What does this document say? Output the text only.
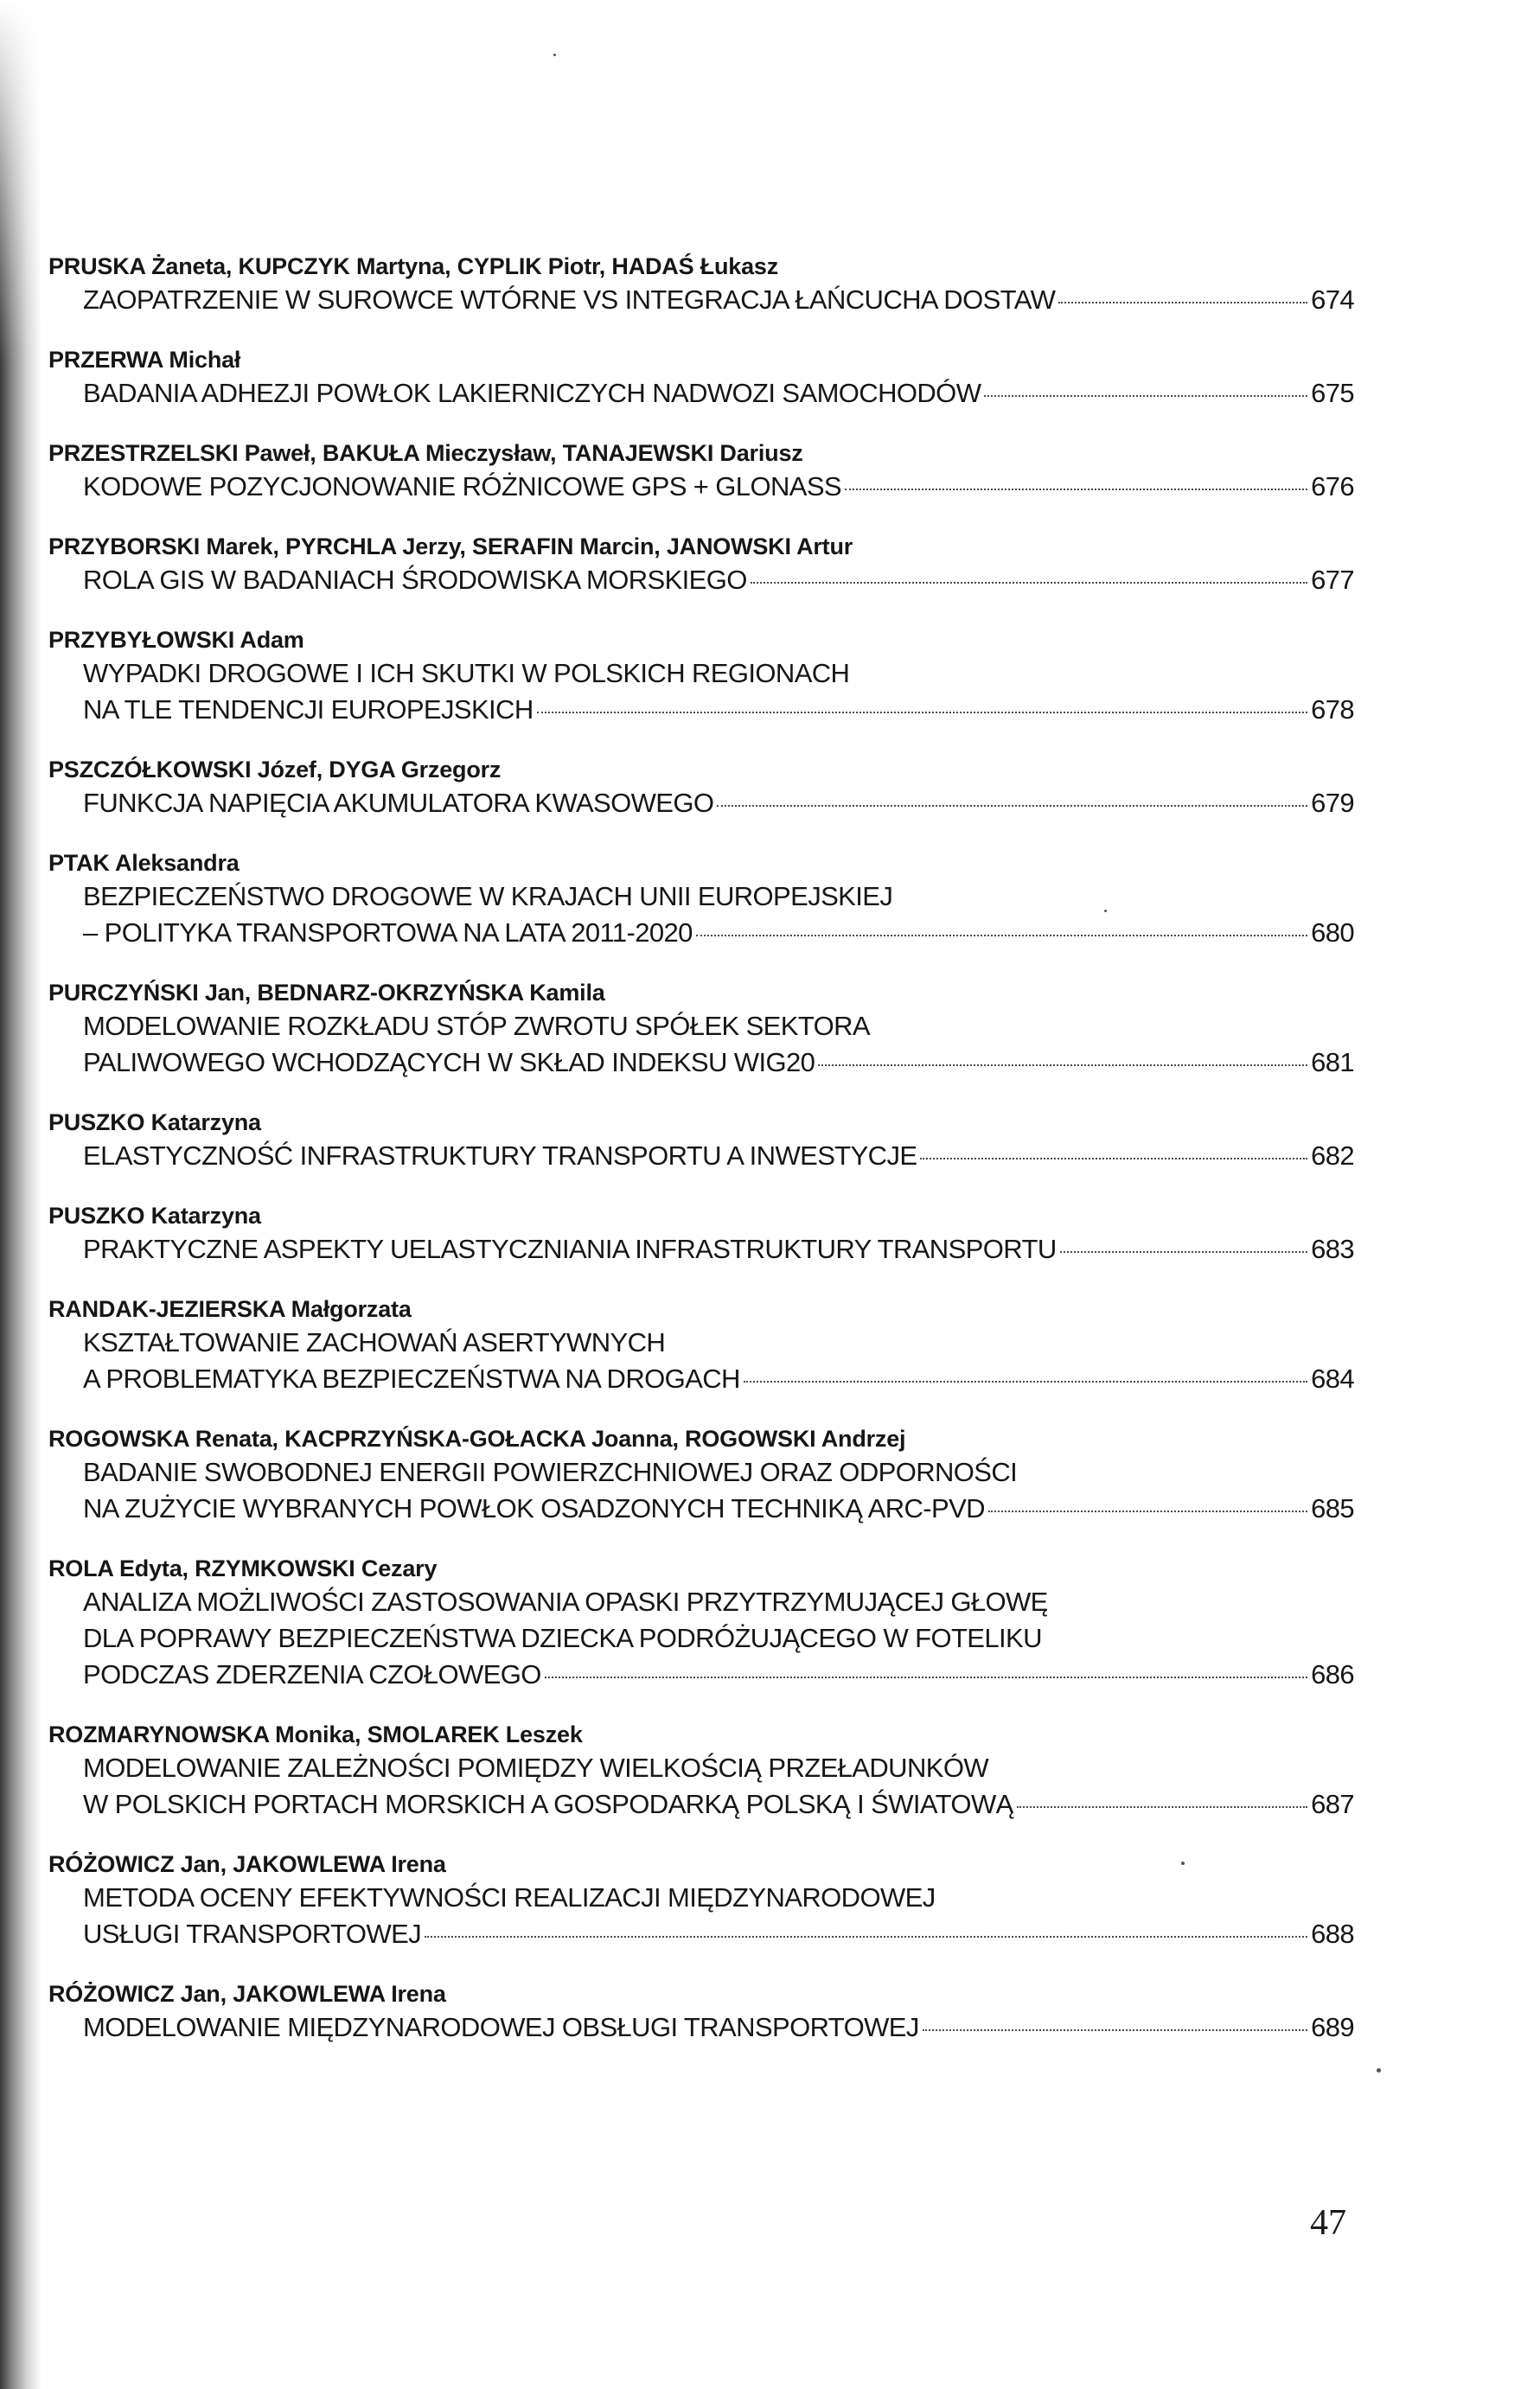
PRUSKA Żaneta, KUPCZYK Martyna, CYPLIK Piotr, HADAŚ Łukasz
ZAOPATRZENIE W SUROWCE WTÓRNE VS INTEGRACJA ŁAŃCUCHA DOSTAW	674
PRZERWA Michał
BADANIA ADHEZJI POWŁOK LAKIERNICZYCH NADWOZI SAMOCHODÓW	675
PRZESTRZELSKI Paweł, BAKUŁA Mieczysław, TANAJEWSKI Dariusz
KODOWE POZYCJONOWANIE RÓŻNICOWE GPS + GLONASS	676
PRZYBORSKI Marek, PYRCHLA Jerzy, SERAFIN Marcin, JANOWSKI Artur
ROLA GIS W BADANIACH ŚRODOWISKA MORSKIEGO	677
PRZYBYŁOWSKI Adam
WYPADKI DROGOWE I ICH SKUTKI W POLSKICH REGIONACH
NA TLE TENDENCJI EUROPEJSKICH	678
PSZCZÓŁKOWSKI Józef, DYGA Grzegorz
FUNKCJA NAPIĘCIA AKUMULATORA KWASOWEGO	679
PTAK Aleksandra
BEZPIECZEŃSTWO DROGOWE W KRAJACH UNII EUROPEJSKIEJ
– POLITYKA TRANSPORTOWA NA LATA 2011-2020	680
PURCZYŃSKI Jan, BEDNARZ-OKRZYŃSKA Kamila
MODELOWANIE ROZKŁADU STÓP ZWROTU SPÓŁEK SEKTORA
PALIWOWEGO WCHODZĄCYCH W SKŁAD INDEKSU WIG20	681
PUSZKO Katarzyna
ELASTYCZNOŚĆ INFRASTRUKTURY TRANSPORTU A INWESTYCJE	682
PUSZKO Katarzyna
PRAKTYCZNE ASPEKTY UELASTYCZNIANIA INFRASTRUKTURY TRANSPORTU	683
RANDAK-JEZIERSKA Małgorzata
KSZTAŁTOWANIE ZACHOWAŃ ASERTYWNYCH
A PROBLEMATYKA BEZPIECZEŃSTWA NA DROGACH	684
ROGOWSKA Renata, KACPRZYŃSKA-GOŁACKA Joanna, ROGOWSKI Andrzej
BADANIE SWOBODNEJ ENERGII POWIERZCHNIOWEJ ORAZ ODPORNOŚCI
NA ZUŻYCIE WYBRANYCH POWŁOK OSADZONYCH TECHNIKĄ ARC-PVD	685
ROLA Edyta, RZYMKOWSKI Cezary
ANALIZA MOŻLIWOŚCI ZASTOSOWANIA OPASKI PRZYTRZYMUJĄCEJ GŁOWĘ
DLA POPRAWY BEZPIECZEŃSTWA DZIECKA PODRÓŻUJĄCEGO W FOTELIKU
PODCZAS ZDERZENIA CZOŁOWEGO	686
ROZMARYNOWSKA Monika, SMOLAREK Leszek
MODELOWANIE ZALEŻNOŚCI POMIĘDZY WIELKOŚCIĄ PRZEŁADUNKÓW
W POLSKICH PORTACH MORSKICH A GOSPODARKĄ POLSKĄ I ŚWIATOWĄ	687
RÓŻOWICZ Jan, JAKOWLEWA Irena
METODA OCENY EFEKTYWNOŚCI REALIZACJI MIĘDZYNARODOWEJ
USŁUGI TRANSPORTOWEJ	688
RÓŻOWICZ Jan, JAKOWLEWA Irena
MODELOWANIE MIĘDZYNARODOWEJ OBSŁUGI TRANSPORTOWEJ	689
47
